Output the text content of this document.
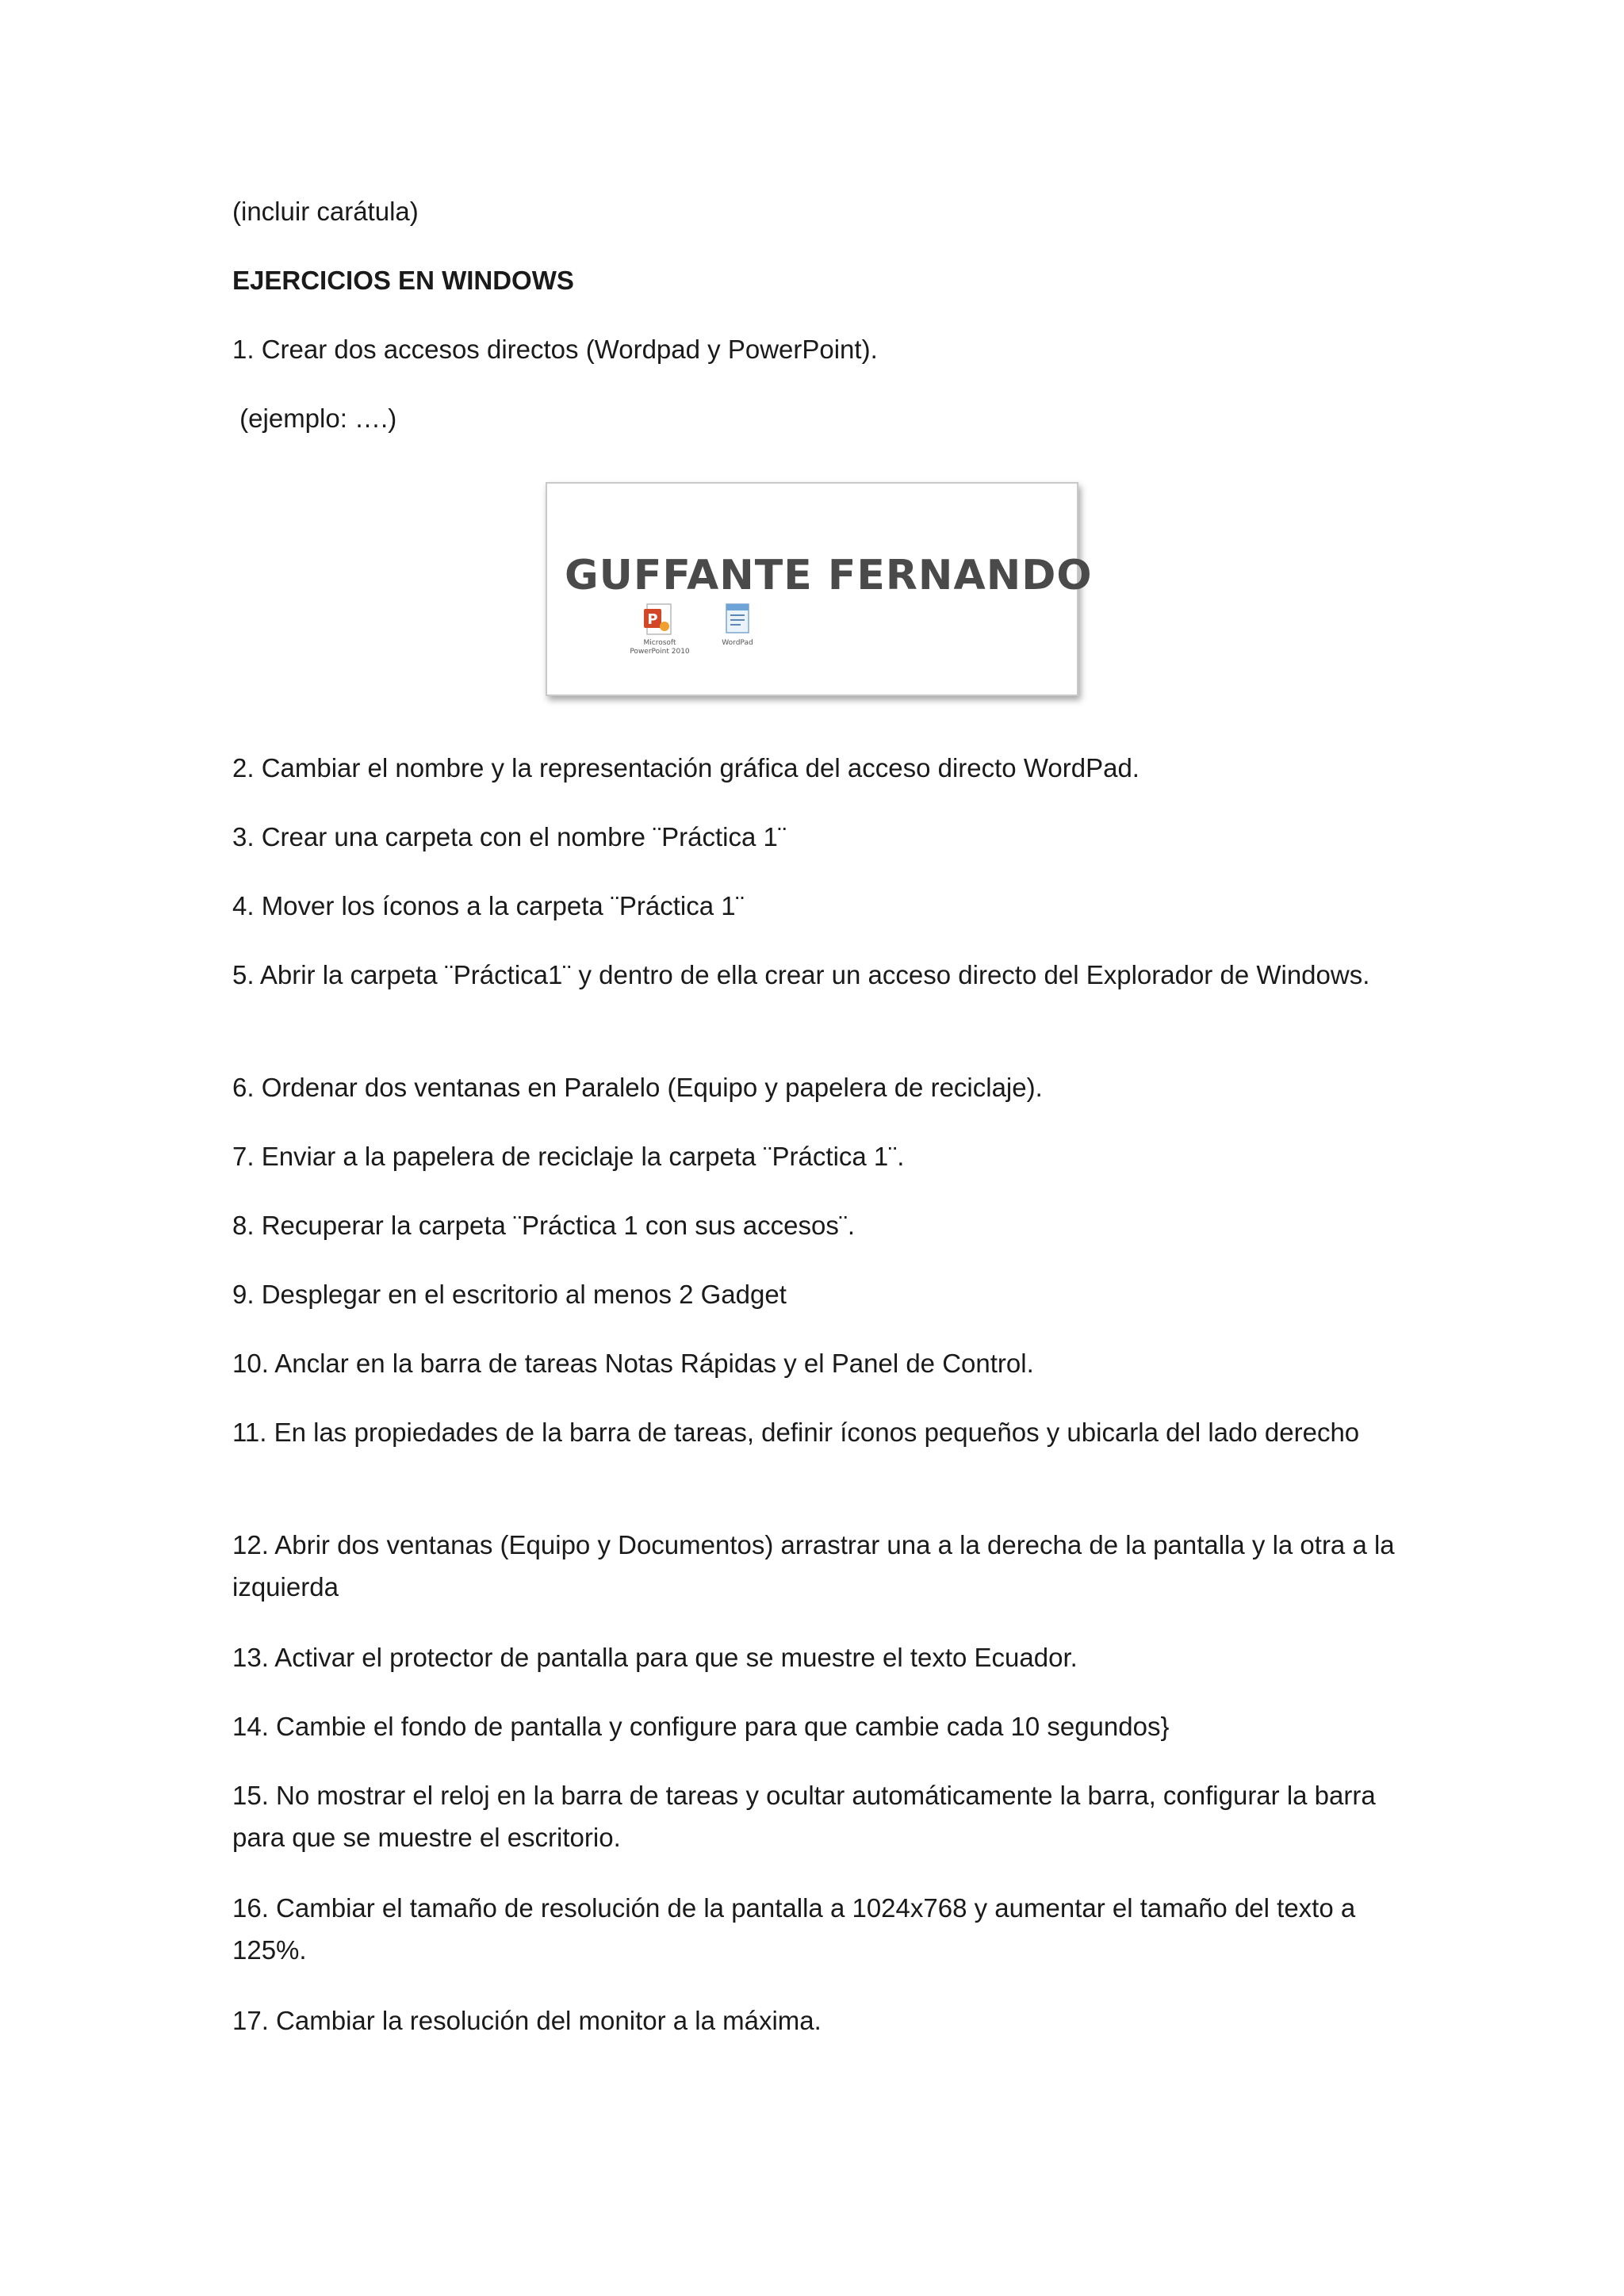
(incluir carátula)
EJERCICIOS EN WINDOWS
1. Crear dos accesos directos (Wordpad y PowerPoint).
(ejemplo: ….)
GUFFANTE FERNANDO
P
Microsoft
PowerPoint 2010
WordPad
2. Cambiar el nombre y la representación gráfica del acceso directo WordPad.
3. Crear una carpeta con el nombre ¨Práctica 1¨
4. Mover los íconos a la carpeta ¨Práctica 1¨
5. Abrir la carpeta ¨Práctica1¨ y dentro de ella crear un acceso directo del Explorador de Windows.
6. Ordenar dos ventanas en Paralelo (Equipo y papelera de reciclaje).
7. Enviar a la papelera de reciclaje la carpeta ¨Práctica 1¨.
8. Recuperar la carpeta ¨Práctica 1 con sus accesos¨.
9. Desplegar en el escritorio al menos 2 Gadget
10. Anclar en la barra de tareas Notas Rápidas y el Panel de Control.
11. En las propiedades de la barra de tareas, definir íconos pequeños y ubicarla del lado derecho
12. Abrir dos ventanas (Equipo y Documentos) arrastrar una a la derecha de la pantalla y la otra a la izquierda
13. Activar el protector de pantalla para que se muestre el texto Ecuador.
14. Cambie el fondo de pantalla y configure para que cambie cada 10 segundos}
15. No mostrar el reloj en la barra de tareas y ocultar automáticamente la barra, configurar la barra para que se muestre el escritorio.
16. Cambiar el tamaño de resolución de la pantalla a 1024x768 y aumentar el tamaño del texto a 125%.
17. Cambiar la resolución del monitor a la máxima.
